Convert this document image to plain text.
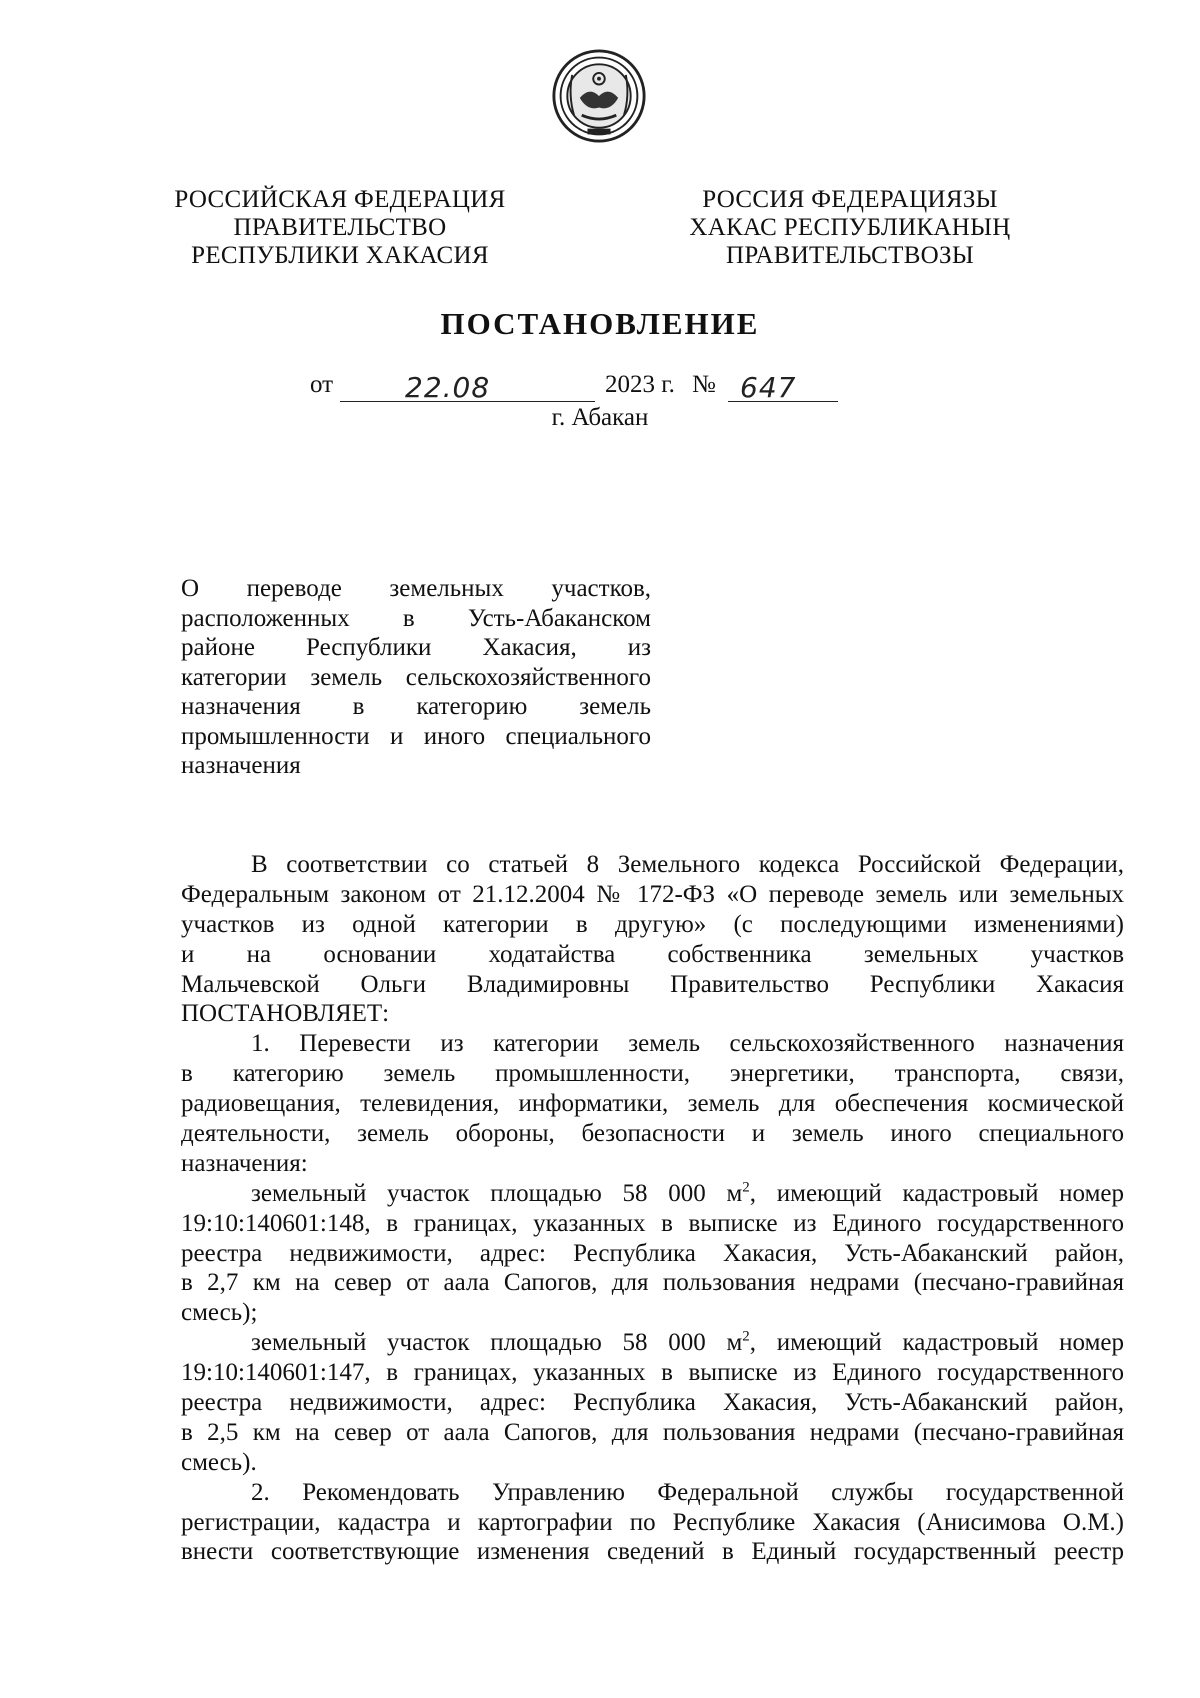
РОССИЙСКАЯ ФЕДЕРАЦИЯ
ПРАВИТЕЛЬСТВО
РЕСПУБЛИКИ ХАКАСИЯ
РОССИЯ ФЕДЕРАЦИЯЗЫ
ХАКАС РЕСПУБЛИКАНЫҢ
ПРАВИТЕЛЬСТВОЗЫ
ПОСТАНОВЛЕНИЕ
от	22.08	2023 г. № 647
г. Абакан
О переводе земельных участков,
расположенных в Усть-Абаканском
районе Республики Хакасия, из
категории земель сельскохозяйственного
назначения в категорию земель
промышленности и иного специального
назначения
В соответствии со статьей 8 Земельного кодекса Российской Федерации,
Федеральным законом от 21.12.2004 № 172-ФЗ «О переводе земель или земельных
участков из одной категории в другую» (с последующими изменениями)
и на основании ходатайства собственника земельных участков
Мальчевской Ольги Владимировны Правительство Республики Хакасия
ПОСТАНОВЛЯЕТ:
1. Перевести из категории земель сельскохозяйственного назначения
в категорию земель промышленности, энергетики, транспорта, связи,
радиовещания, телевидения, информатики, земель для обеспечения космической
деятельности, земель обороны, безопасности и земель иного специального
назначения:
земельный участок площадью 58 000 $м^2$, имеющий кадастровый номер
19:10:140601:148, в границах, указанных в выписке из Единого государственного
реестра недвижимости, адрес: Республика Хакасия, Усть-Абаканский район,
в 2,7 км на север от аала Сапогов, для пользования недрами (песчано-гравийная
смесь);
земельный участок площадью 58 000 $м^2$, имеющий кадастровый номер
19:10:140601:147, в границах, указанных в выписке из Единого государственного
реестра недвижимости, адрес: Республика Хакасия, Усть-Абаканский район,
в 2,5 км на север от аала Сапогов, для пользования недрами (песчано-гравийная
смесь).
2. Рекомендовать Управлению Федеральной службы государственной
регистрации, кадастра и картографии по Республике Хакасия (Анисимова О.М.)
внести соответствующие изменения сведений в Единый государственный реестр
